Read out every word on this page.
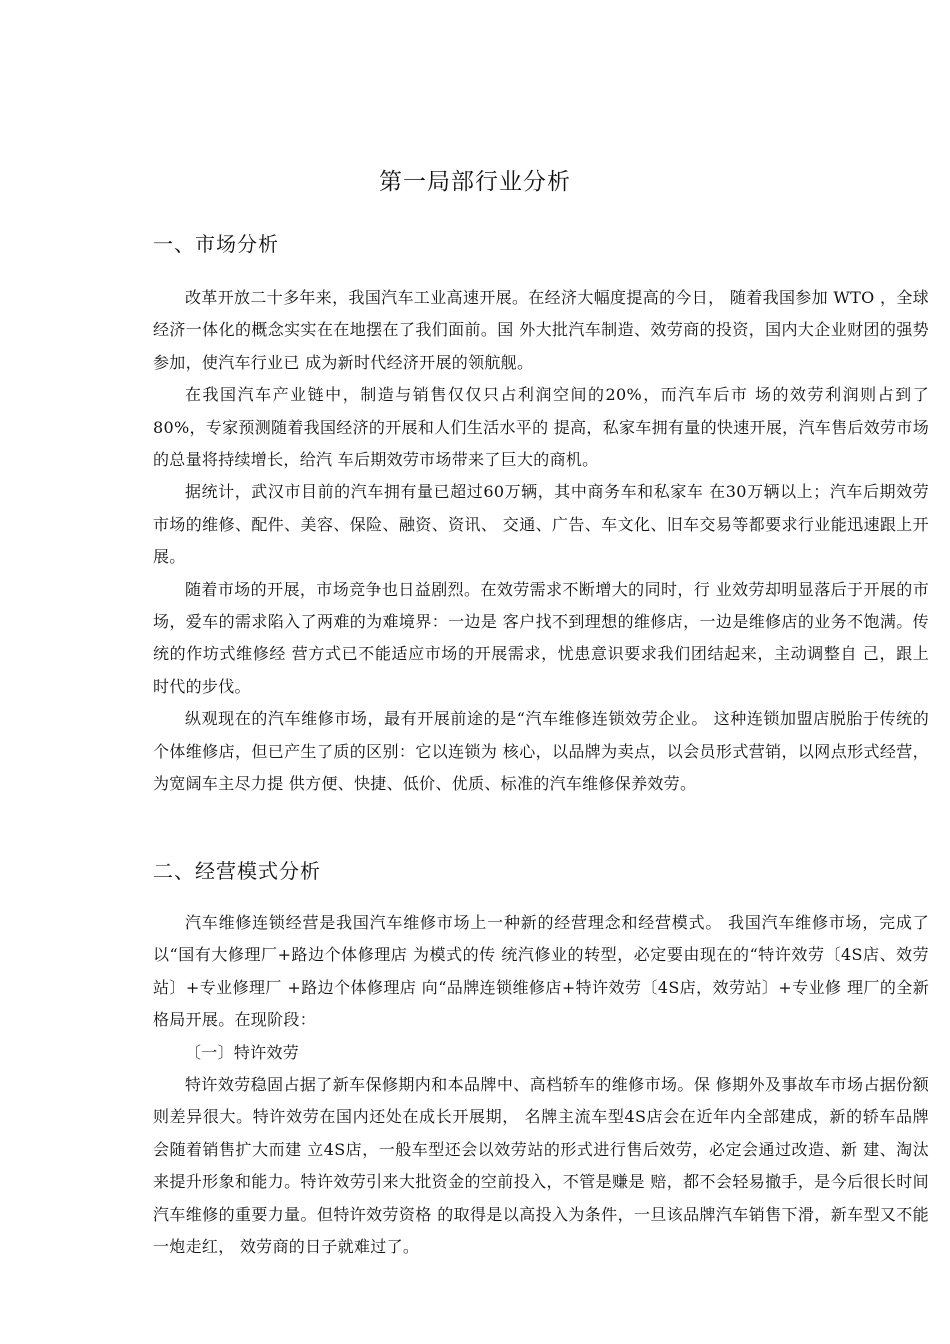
第一局部行业分析
一、市场分析

改革开放二十多年来，我国汽车工业高速开展。在经济大幅度提高的今日， 随着我国参加 WTO ，全球经济一体化的概念实实在在地摆在了我们面前。国 外大批汽车制造、效劳商的投资，国内大企业财团的强势参加，使汽车行业已 成为新时代经济开展的领航舰。

在我国汽车产业链中，制造与销售仅仅只占利润空间的20%，而汽车后市 场的效劳利润则占到了 80%，专家预测随着我国经济的开展和人们生活水平的 提高，私家车拥有量的快速开展，汽车售后效劳市场的总量将持续增长，给汽 车后期效劳市场带来了巨大的商机。

据统计，武汉市目前的汽车拥有量已超过60万辆，其中商务车和私家车 在30万辆以上；汽车后期效劳市场的维修、配件、美容、保险、融资、资讯、 交通、广告、车文化、旧车交易等都要求行业能迅速跟上开展。

随着市场的开展，市场竞争也日益剧烈。在效劳需求不断增大的同时，行 业效劳却明显落后于开展的市场，爱车的需求陷入了两难的为难境界：一边是 客户找不到理想的维修店，一边是维修店的业务不饱满。传统的作坊式维修经 营方式已不能适应市场的开展需求，忧患意识要求我们团结起来，主动调整自 己，跟上时代的步伐。

纵观现在的汽车维修市场，最有开展前途的是“汽车维修连锁效劳企业。 这种连锁加盟店脱胎于传统的个体维修店，但已产生了质的区别：它以连锁为 核心，以品牌为卖点，以会员形式营销，以网点形式经营，为宽阔车主尽力提 供方便、快捷、低价、优质、标准的汽车维修保养效劳。

二、经营模式分析

汽车维修连锁经营是我国汽车维修市场上一种新的经营理念和经营模式。 我国汽车维修市场，完成了以“国有大修理厂+路边个体修理店 为模式的传 统汽修业的转型，必定要由现在的“特许效劳〔4S店、效劳站〕+专业修理厂 +路边个体修理店 向“品牌连锁维修店+特许效劳〔4S店，效劳站〕+专业修 理厂的全新格局开展。在现阶段：

〔一〕特许效劳

特许效劳稳固占据了新车保修期内和本品牌中、高档轿车的维修市场。保 修期外及事故车市场占据份额则差异很大。特许效劳在国内还处在成长开展期， 名牌主流车型4S店会在近年内全部建成，新的轿车品牌会随着销售扩大而建 立4S店，一般车型还会以效劳站的形式进行售后效劳，必定会通过改造、新 建、淘汰来提升形象和能力。特许效劳引来大批资金的空前投入，不管是赚是 赔，都不会轻易撤手，是今后很长时间汽车维修的重要力量。但特许效劳资格 的取得是以高投入为条件，一旦该品牌汽车销售下滑，新车型又不能一炮走红， 效劳商的日子就难过了。
